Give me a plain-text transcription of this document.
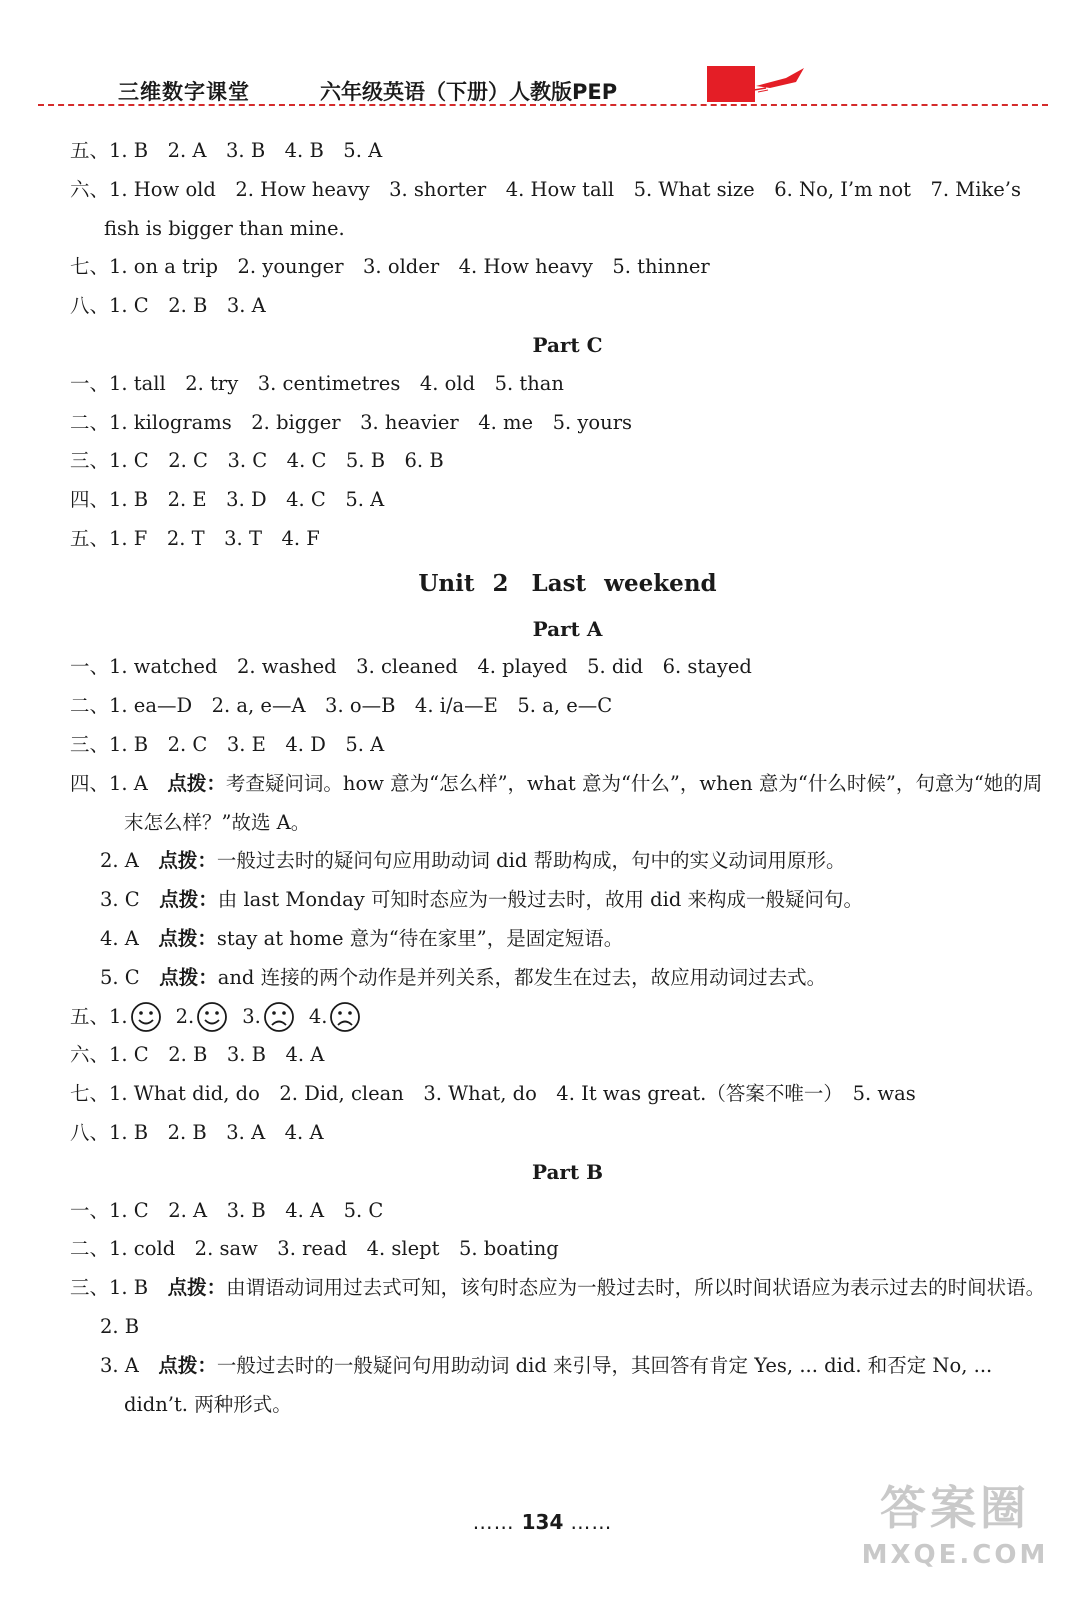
三维数字课堂	六年级英语（下册）人教版PEP
五、1. B　2. A　3. B　4. B　5. A
六、1. How old　2. How heavy　3. shorter　4. How tall　5. What size　6. No, I’m not　7. Mike’s fish is bigger than mine.
七、1. on a trip　2. younger　3. older　4. How heavy　5. thinner
八、1. C　2. B　3. A
Part C
一、1. tall　2. try　3. centimetres　4. old　5. than
二、1. kilograms　2. bigger　3. heavier　4. me　5. yours
三、1. C　2. C　3. C　4. C　5. B　6. B
四、1. B　2. E　3. D　4. C　5. A
五、1. F　2. T　3. T　4. F
Unit 2　Last weekend
Part A
一、1. watched　2. washed　3. cleaned　4. played　5. did　6. stayed
二、1. ea—D　2. a, e—A　3. o—B　4. i/a—E　5. a, e—C
三、1. B　2. C　3. E　4. D　5. A
四、1. A　点拨：考查疑问词。how 意为“怎么样”，what 意为“什么”，when 意为“什么时候”，句意为“她的周末怎么样？”故选 A。
2. A　点拨：一般过去时的疑问句应用助动词 did 帮助构成，句中的实义动词用原形。
3. C　点拨：由 last Monday 可知时态应为一般过去时，故用 did 来构成一般疑问句。
4. A　点拨：stay at home 意为“待在家里”，是固定短语。
5. C　点拨：and 连接的两个动作是并列关系，都发生在过去，故应用动词过去式。
五、 1. 2. 3. 4.
六、1. C　2. B　3. B　4. A
七、1. What did, do　2. Did, clean　3. What, do　4. It was great.（答案不唯一）　5. was
八、1. B　2. B　3. A　4. A
Part B
一、1. C　2. A　3. B　4. A　5. C
二、1. cold　2. saw　3. read　4. slept　5. boating
三、1. B　点拨：由谓语动词用过去式可知，该句时态应为一般过去时，所以时间状语应为表示过去的时间状语。
2. B
3. A　点拨：一般过去时的一般疑问句用助动词 did 来引导，其回答有肯定 Yes, ... did. 和否定 No, ... didn’t. 两种形式。
…… 134 ……	答案圈
MXQE.COM
